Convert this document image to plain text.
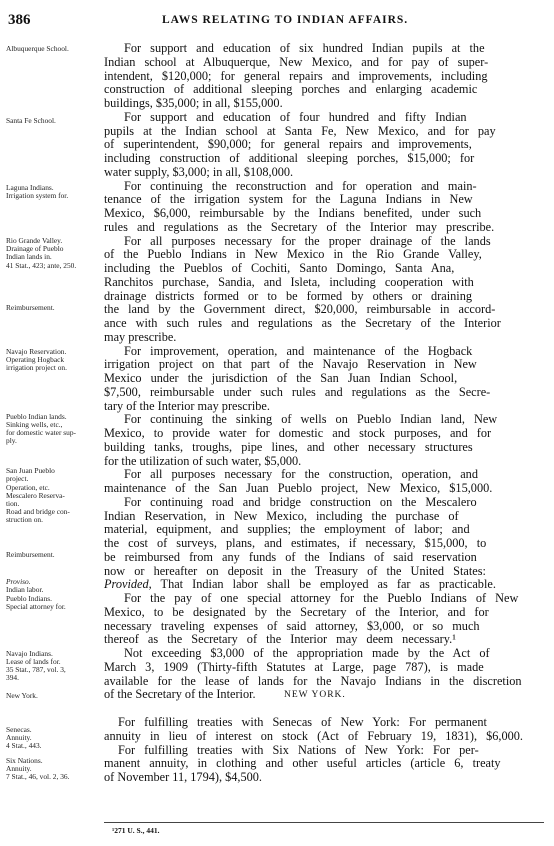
386	LAWS RELATING TO INDIAN AFFAIRS.
Albuquerque School.
Santa Fe School.
Laguna Indians.
Irrigation system for.
Rio Grande Valley.
Drainage of Pueblo
Indian lands in.
41 Stat., 423; ante, 250.
Reimbursement.
Navajo Reservation.
Operating Hogback
irrigation project on.
Pueblo Indian lands.
Sinking wells, etc.,
for domestic water sup-
ply.
San Juan Pueblo
project.
Operation, etc.
Mescalero Reserva-
tion.
Road and bridge con-
struction on.
Reimbursement.
Proviso.
Indian labor.
Pueblo Indians.
Special attorney for.
Navajo Indians.
Lease of lands for.
35 Stat., 787, vol. 3,
394.
New York.
Senecas.
Annuity.
4 Stat., 443.
Six Nations.
Annuity.
7 Stat., 46, vol. 2, 36.
For support and education of six hundred Indian pupils at the
Indian school at Albuquerque, New Mexico, and for pay of super-
intendent, $120,000; for general repairs and improvements, including
construction of additional sleeping porches and enlarging academic
buildings, $35,000; in all, $155,000.
For support and education of four hundred and fifty Indian
pupils at the Indian school at Santa Fe, New Mexico, and for pay
of superintendent, $90,000; for general repairs and improvements,
including construction of additional sleeping porches, $15,000; for
water supply, $3,000; in all, $108,000.
For continuing the reconstruction and for operation and main-
tenance of the irrigation system for the Laguna Indians in New
Mexico, $6,000, reimbursable by the Indians benefited, under such
rules and regulations as the Secretary of the Interior may prescribe.
For all purposes necessary for the proper drainage of the lands
of the Pueblo Indians in New Mexico in the Rio Grande Valley,
including the Pueblos of Cochiti, Santo Domingo, Santa Ana,
Ranchitos purchase, Sandia, and Isleta, including cooperation with
drainage districts formed or to be formed by others or draining
the land by the Government direct, $20,000, reimbursable in accord-
ance with such rules and regulations as the Secretary of the Interior
may prescribe.
For improvement, operation, and maintenance of the Hogback
irrigation project on that part of the Navajo Reservation in New
Mexico under the jurisdiction of the San Juan Indian School,
$7,500, reimbursable under such rules and regulations as the Secre-
tary of the Interior may prescribe.
For continuing the sinking of wells on Pueblo Indian land, New
Mexico, to provide water for domestic and stock purposes, and for
building tanks, troughs, pipe lines, and other necessary structures
for the utilization of such water, $5,000.
For all purposes necessary for the construction, operation, and
maintenance of the San Juan Pueblo project, New Mexico, $15,000.
For continuing road and bridge construction on the Mescalero
Indian Reservation, in New Mexico, including the purchase of
material, equipment, and supplies; the employment of labor; and
the cost of surveys, plans, and estimates, if necessary, $15,000, to
be reimbursed from any funds of the Indians of said reservation
now or hereafter on deposit in the Treasury of the United States:
Provided, That Indian labor shall be employed as far as practicable.
For the pay of one special attorney for the Pueblo Indians of New
Mexico, to be designated by the Secretary of the Interior, and for
necessary traveling expenses of said attorney, $3,000, or so much
thereof as the Secretary of the Interior may deem necessary.¹
Not exceeding $3,000 of the appropriation made by the Act of
March 3, 1909 (Thirty-fifth Statutes at Large, page 787), is made
available for the lease of lands for the Navajo Indians in the discretion
of the Secretary of the Interior.	NEW YORK.
For fulfilling treaties with Senecas of New York: For permanent
annuity in lieu of interest on stock (Act of February 19, 1831), $6,000.
For fulfilling treaties with Six Nations of New York: For per-
manent annuity, in clothing and other useful articles (article 6, treaty
of November 11, 1794), $4,500.
¹271 U. S., 441.
